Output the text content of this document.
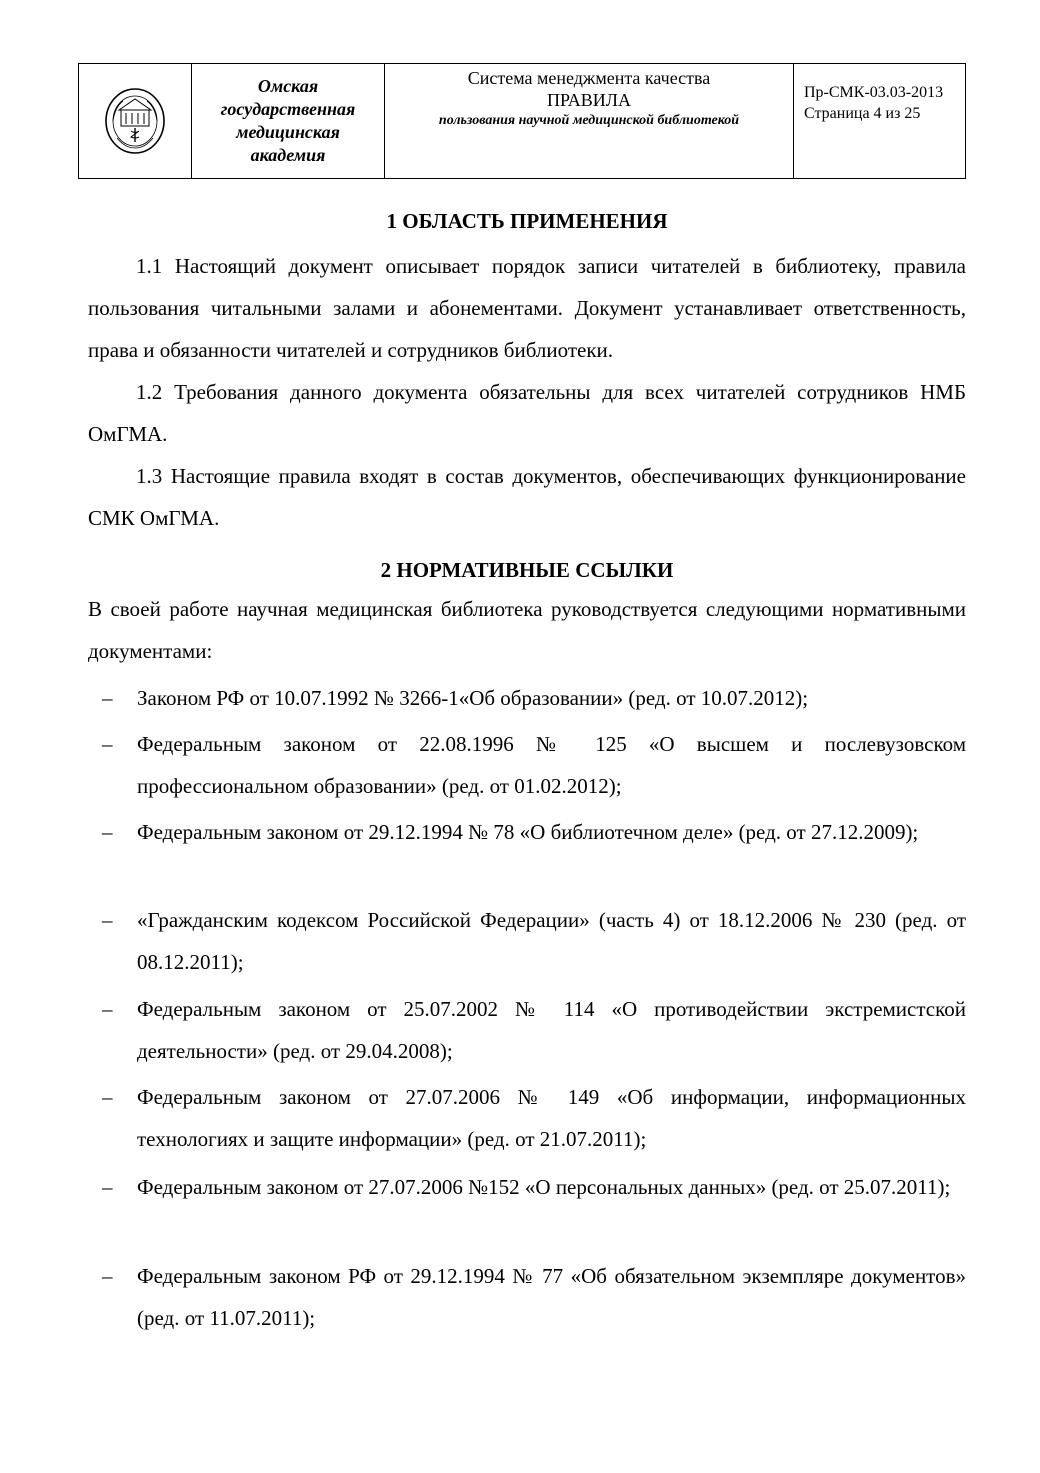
Омская
государственная
медицинская
академия
Система менеджмента качества
ПРАВИЛА
пользования научной медицинской библиотекой
Пр-СМК-03.03-2013
Страница 4 из 25
1 ОБЛАСТЬ ПРИМЕНЕНИЯ
1.1 Настоящий документ описывает порядок записи читателей в библиотеку, правила пользования читальными залами и абонементами. Документ устанавливает ответственность, права и обязанности читателей и сотрудников библиотеки.
1.2 Требования данного документа обязательны для всех читателей сотрудников НМБ ОмГМА.
1.3 Настоящие правила входят в состав документов, обеспечивающих функционирование СМК ОмГМА.
2 НОРМАТИВНЫЕ ССЫЛКИ
В своей работе научная медицинская библиотека руководствуется следующими нормативными документами:
– Законом РФ от 10.07.1992 № 3266-1«Об образовании» (ред. от 10.07.2012);
– Федеральным законом от 22.08.1996 № 125 «О высшем и послевузовском профессиональном образовании» (ред. от 01.02.2012);
– Федеральным законом от 29.12.1994 № 78 «О библиотечном деле» (ред. от 27.12.2009);
– «Гражданским кодексом Российской Федерации» (часть 4) от 18.12.2006 № 230 (ред. от 08.12.2011);
– Федеральным законом от 25.07.2002 № 114 «О противодействии экстремистской деятельности» (ред. от 29.04.2008);
– Федеральным законом от 27.07.2006 № 149 «Об информации, информационных технологиях и защите информации» (ред. от 21.07.2011);
– Федеральным законом от 27.07.2006 №152 «О персональных данных» (ред. от 25.07.2011);
– Федеральным законом РФ от 29.12.1994 № 77 «Об обязательном экземпляре документов» (ред. от 11.07.2011);
